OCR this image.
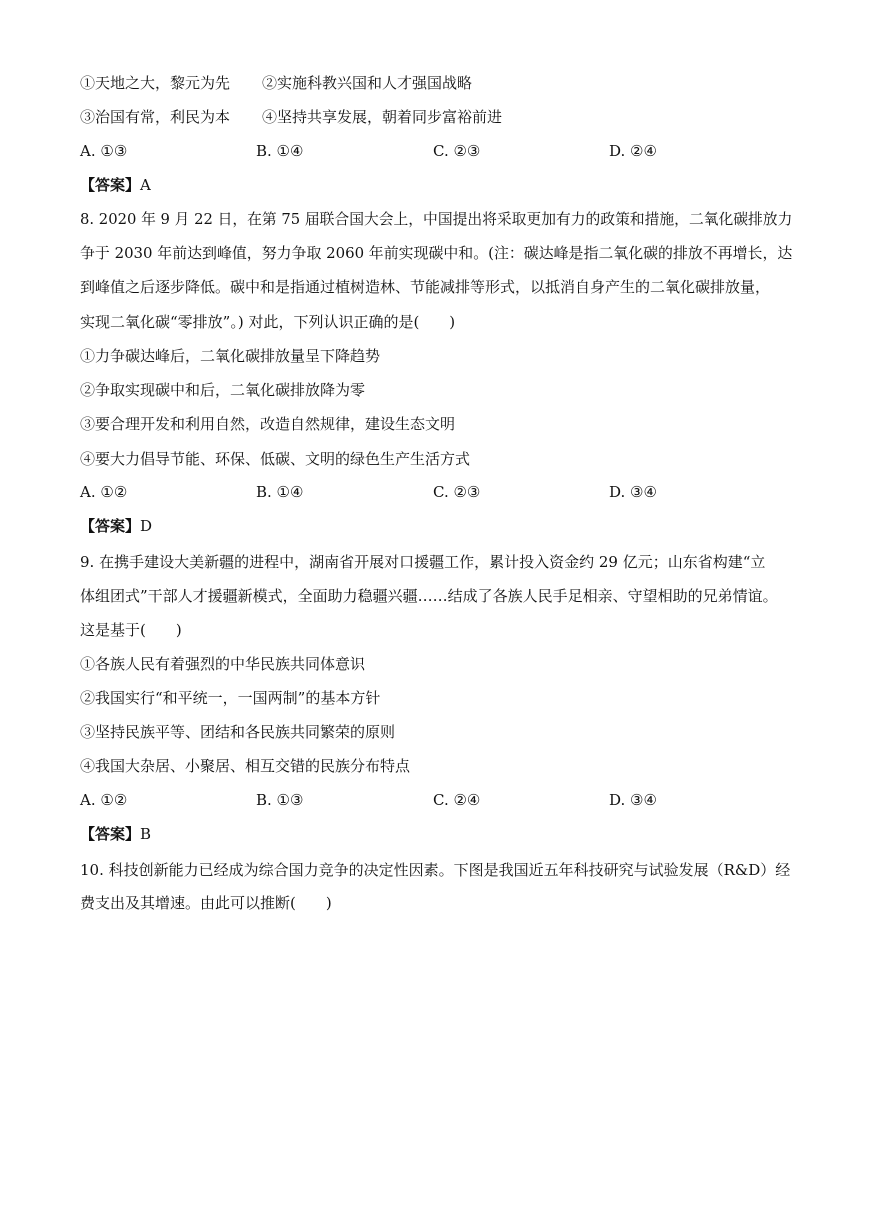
①天地之大，黎元为先 ②实施科教兴国和人才强国战略
③治国有常，利民为本 ④坚持共享发展，朝着同步富裕前进
A. ①③	B. ①④	C. ②③	D. ②④
【答案】A
8. 2020 年 9 月 22 日，在第 75 届联合国大会上，中国提出将采取更加有力的政策和措施，二氧化碳排放力
争于 2030 年前达到峰值，努力争取 2060 年前实现碳中和。(注：碳达峰是指二氧化碳的排放不再增长，达
到峰值之后逐步降低。碳中和是指通过植树造林、节能减排等形式，以抵消自身产生的二氧化碳排放量，
实现二氧化碳“零排放”。) 对此，下列认识正确的是(　　)
①力争碳达峰后，二氧化碳排放量呈下降趋势
②争取实现碳中和后，二氧化碳排放降为零
③要合理开发和利用自然，改造自然规律，建设生态文明
④要大力倡导节能、环保、低碳、文明的绿色生产生活方式
A. ①②	B. ①④	C. ②③	D. ③④
【答案】D
9. 在携手建设大美新疆的进程中，湖南省开展对口援疆工作，累计投入资金约 29 亿元；山东省构建“立
体组团式”干部人才援疆新模式，全面助力稳疆兴疆……结成了各族人民手足相亲、守望相助的兄弟情谊。
这是基于(　　)
①各族人民有着强烈的中华民族共同体意识
②我国实行“和平统一，一国两制”的基本方针
③坚持民族平等、团结和各民族共同繁荣的原则
④我国大杂居、小聚居、相互交错的民族分布特点
A. ①②	B. ①③	C. ②④	D. ③④
【答案】B
10. 科技创新能力已经成为综合国力竞争的决定性因素。下图是我国近五年科技研究与试验发展（R&D）经
费支出及其增速。由此可以推断(　　)
